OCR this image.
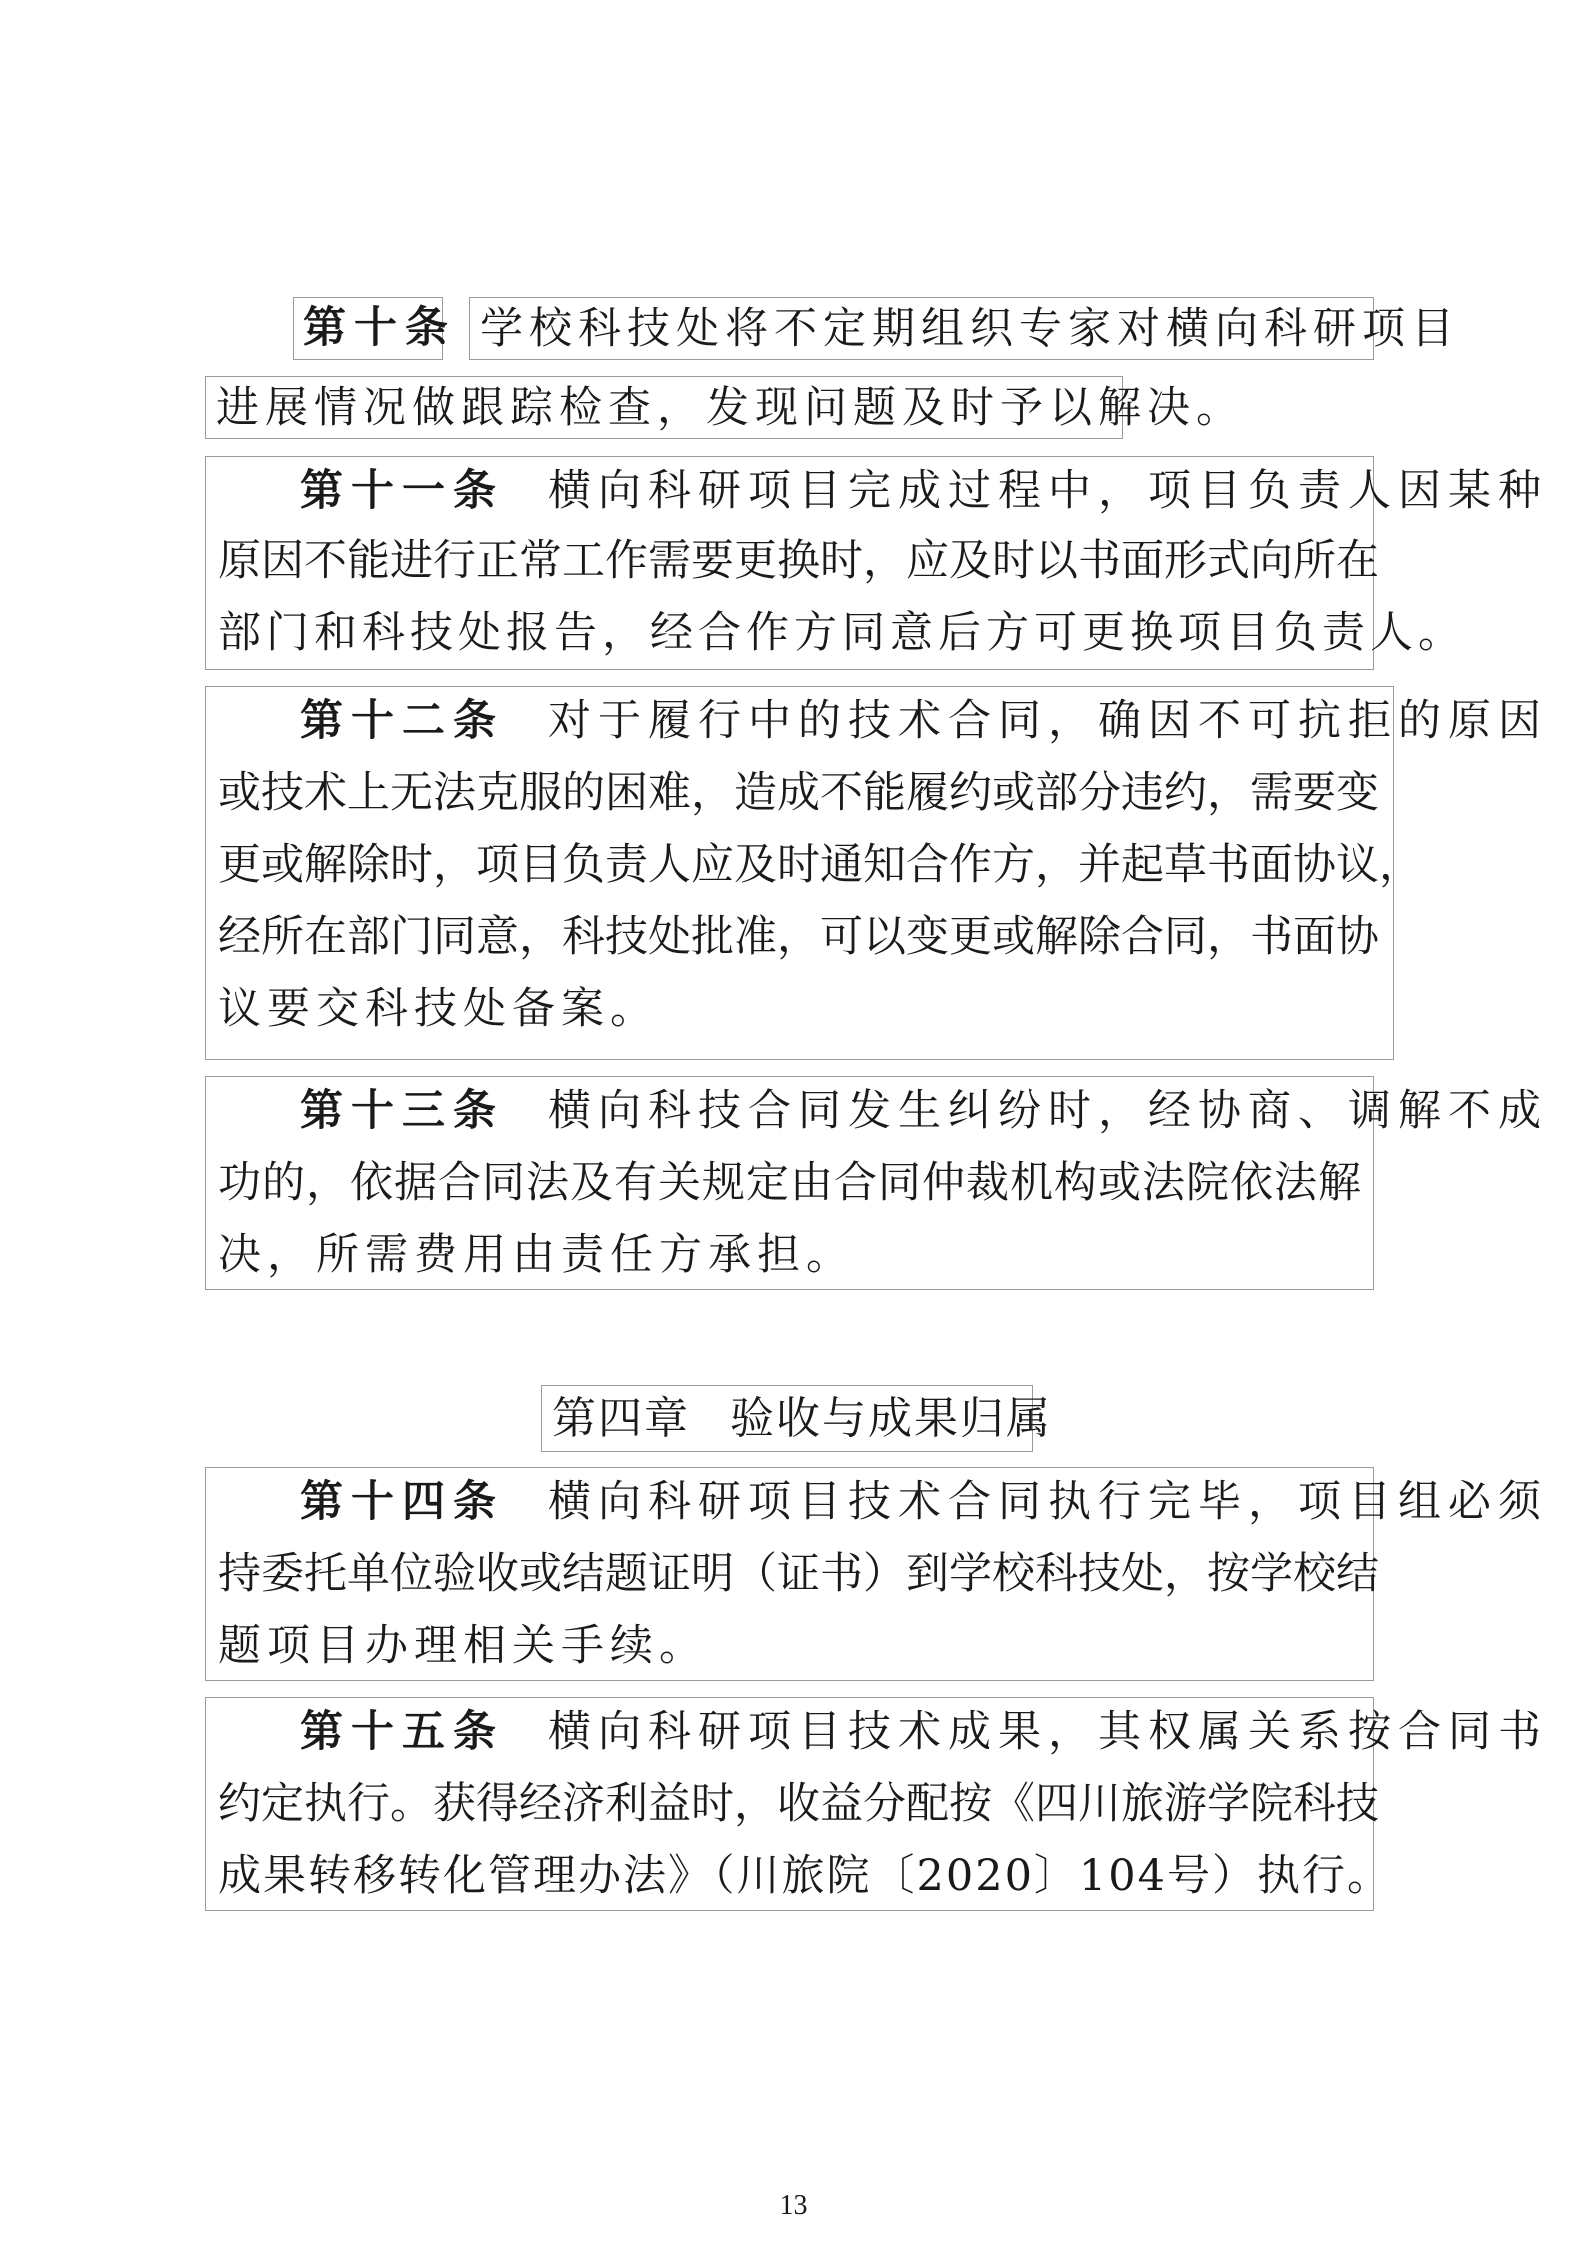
第十条 学校科技处将不定期组织专家对横向科研项目
进展情况做跟踪检查，发现问题及时予以解决。
第十一条 横向科研项目完成过程中，项目负责人因某种
原因不能进行正常工作需要更换时，应及时以书面形式向所在
部门和科技处报告，经合作方同意后方可更换项目负责人。
第十二条 对于履行中的技术合同，确因不可抗拒的原因
或技术上无法克服的困难，造成不能履约或部分违约，需要变
更或解除时，项目负责人应及时通知合作方，并起草书面协议，
经所在部门同意，科技处批准，可以变更或解除合同，书面协
议要交科技处备案。
第十三条 横向科技合同发生纠纷时，经协商、调解不成
功的，依据合同法及有关规定由合同仲裁机构或法院依法解
决，所需费用由责任方承担。
第四章 验收与成果归属
第十四条 横向科研项目技术合同执行完毕，项目组必须
持委托单位验收或结题证明（证书）到学校科技处，按学校结
题项目办理相关手续。
第十五条 横向科研项目技术成果，其权属关系按合同书
约定执行。获得经济利益时，收益分配按《四川旅游学院科技
成果转移转化管理办法》（川旅院〔2020〕104号）执行。
13
